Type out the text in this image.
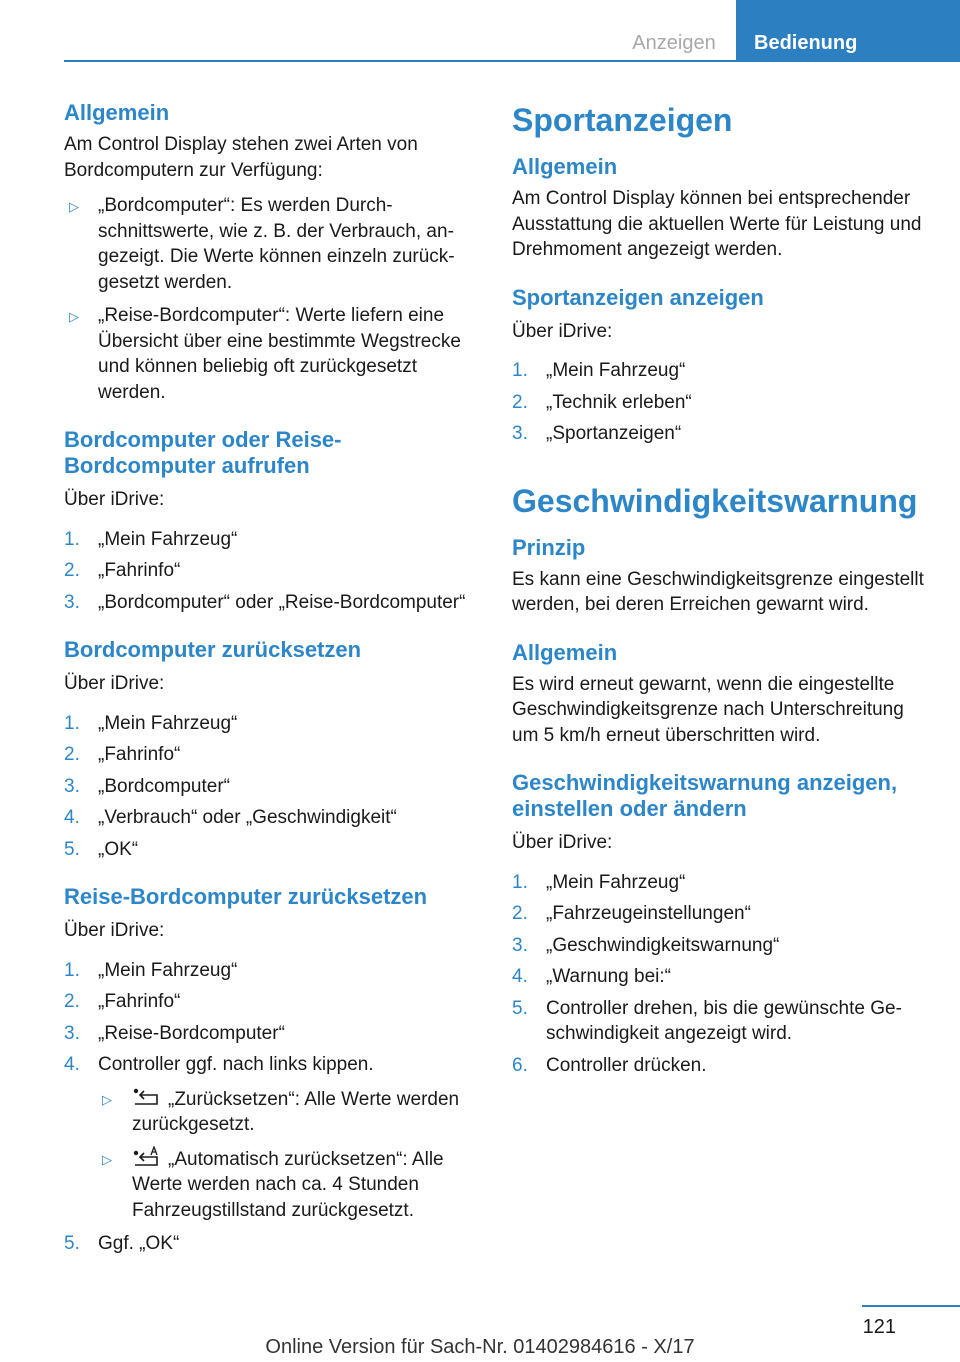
Anzeigen	Bedienung
Allgemein

Am Control Display stehen zwei Arten von Bordcomputern zur Verfügung:

▷ „Bordcomputer“: Es werden Durchschnittswerte, wie z. B. der Verbrauch, angezeigt. Die Werte können einzeln zurückgesetzt werden.
▷ „Reise-Bordcomputer“: Werte liefern eine Übersicht über eine bestimmte Wegstrecke und können beliebig oft zurückgesetzt werden.
Bordcomputer oder Reise-Bordcomputer aufrufen

Über iDrive:

1. „Mein Fahrzeug“
2. „Fahrinfo“
3. „Bordcomputer“ oder „Reise-Bordcomputer“
Bordcomputer zurücksetzen

Über iDrive:

1. „Mein Fahrzeug“
2. „Fahrinfo“
3. „Bordcomputer“
4. „Verbrauch“ oder „Geschwindigkeit“
5. „OK“
Reise-Bordcomputer zurücksetzen

Über iDrive:

1. „Mein Fahrzeug“
2. „Fahrinfo“
3. „Reise-Bordcomputer“
4. Controller ggf. nach links kippen.
▷	„Zurücksetzen“: Alle Werte werden zurückgesetzt.
▷	„Automatisch zurücksetzen“: Alle Werte werden nach ca. 4 Stunden Fahrzeugstillstand zurückgesetzt.
5. Ggf. „OK“
Sportanzeigen
Allgemein

Am Control Display können bei entsprechender Ausstattung die aktuellen Werte für Leistung und Drehmoment angezeigt werden.

Sportanzeigen anzeigen

Über iDrive:

1. „Mein Fahrzeug“
2. „Technik erleben“
3. „Sportanzeigen“
Geschwindigkeitswarnung
Prinzip

Es kann eine Geschwindigkeitsgrenze eingestellt werden, bei deren Erreichen gewarnt wird.

Allgemein

Es wird erneut gewarnt, wenn die eingestellte Geschwindigkeitsgrenze nach Unterschreitung um 5 km/h erneut überschritten wird.

Geschwindigkeitswarnung anzeigen, einstellen oder ändern

Über iDrive:

1. „Mein Fahrzeug“
2. „Fahrzeugeinstellungen“
3. „Geschwindigkeitswarnung“
4. „Warnung bei:“
5. Controller drehen, bis die gewünschte Geschwindigkeit angezeigt wird.
6. Controller drücken.
121
Online Version für Sach-Nr. 01402984616 - X/17
